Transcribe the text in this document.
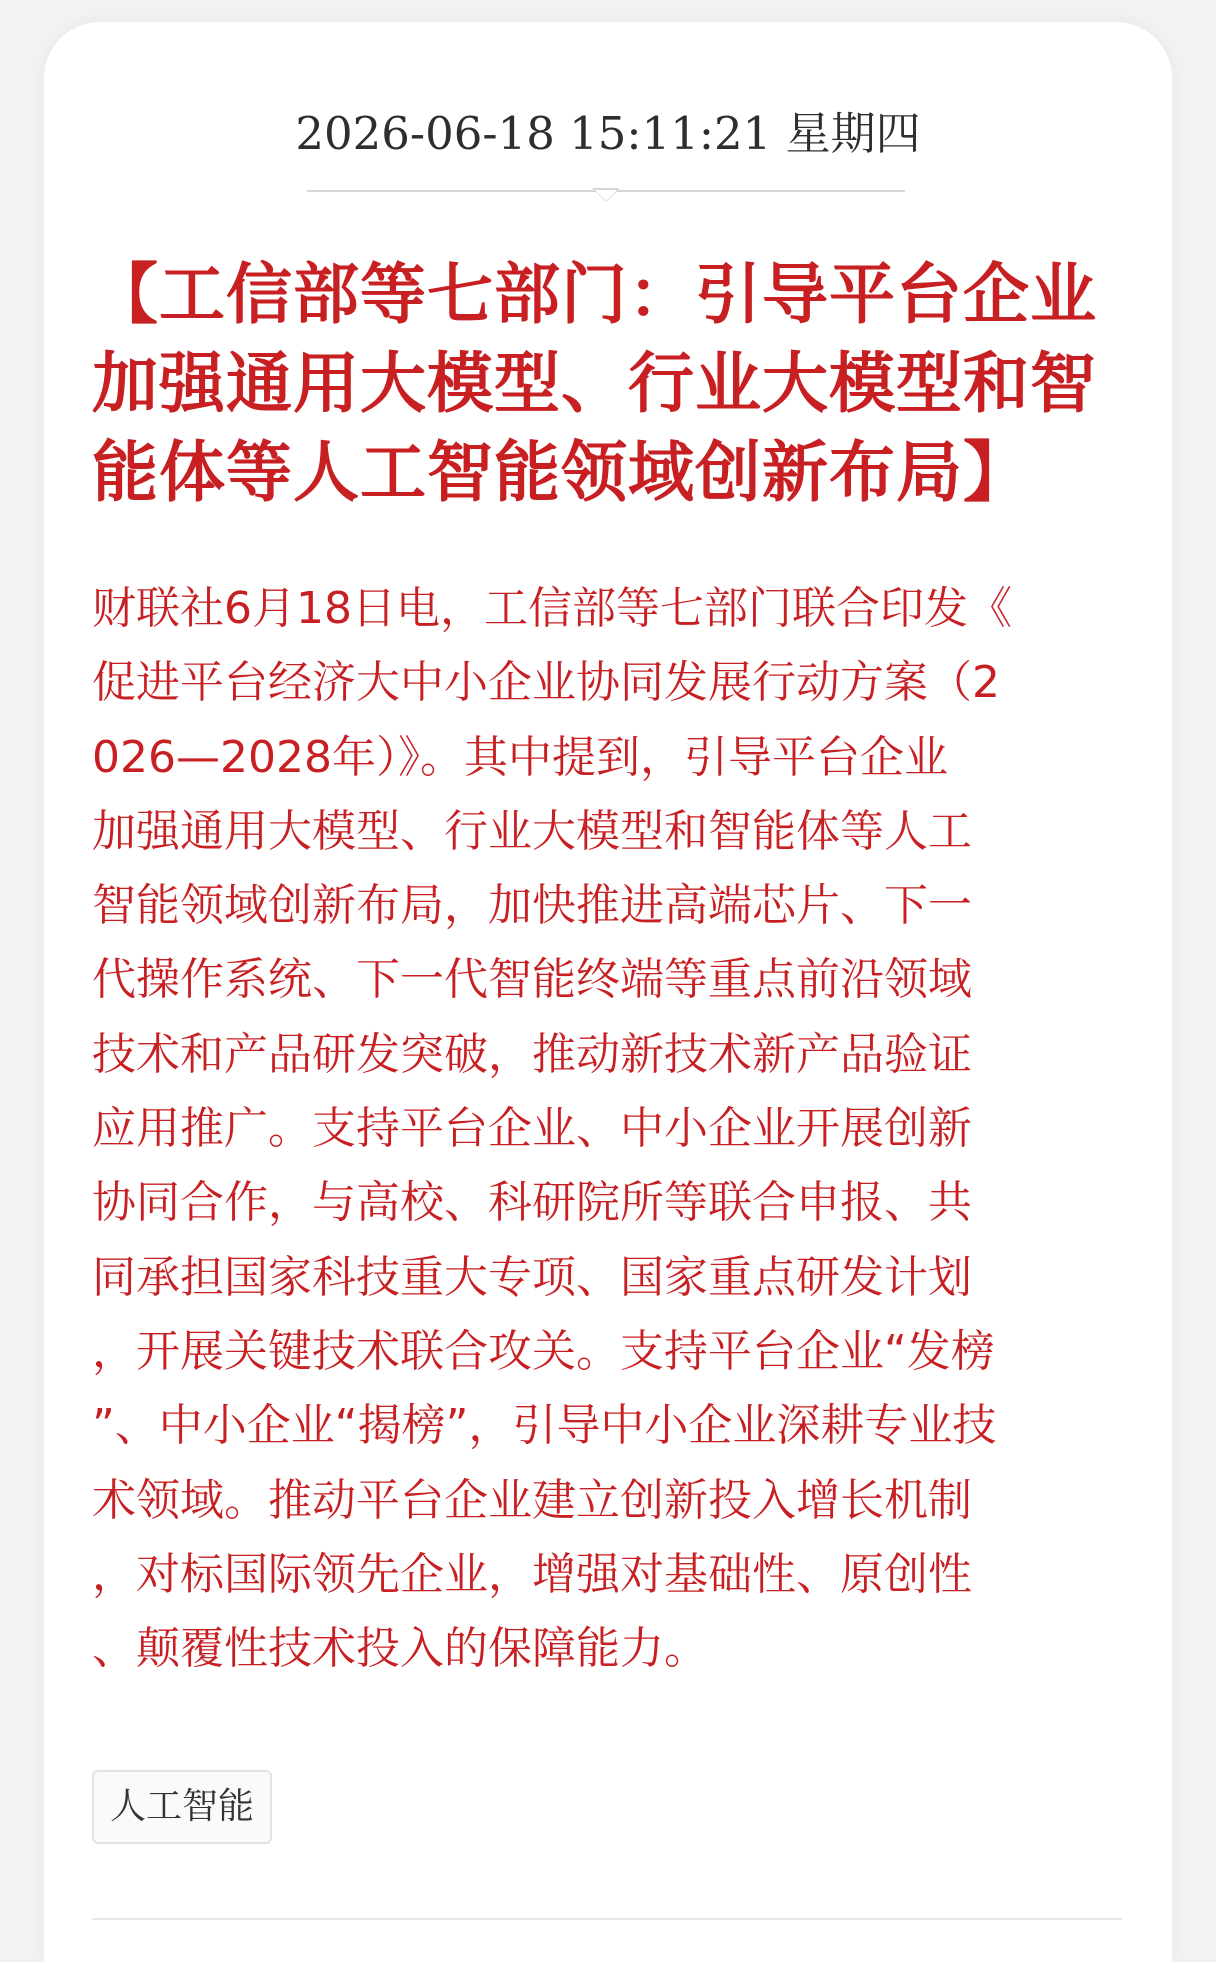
2026-06-18 15:11:21 星期四
【工信部等七部门：引导平台企业
加强通用大模型、行业大模型和智
能体等人工智能领域创新布局】
财联社6月18日电，工信部等七部门联合印发《
促进平台经济大中小企业协同发展行动方案（2
026—2028年）》。其中提到，引导平台企业
加强通用大模型、行业大模型和智能体等人工
智能领域创新布局，加快推进高端芯片、下一
代操作系统、下一代智能终端等重点前沿领域
技术和产品研发突破，推动新技术新产品验证
应用推广。支持平台企业、中小企业开展创新
协同合作，与高校、科研院所等联合申报、共
同承担国家科技重大专项、国家重点研发计划
，开展关键技术联合攻关。支持平台企业“发榜
”、中小企业“揭榜”，引导中小企业深耕专业技
术领域。推动平台企业建立创新投入增长机制
，对标国际领先企业，增强对基础性、原创性
、颠覆性技术投入的保障能力。
人工智能
